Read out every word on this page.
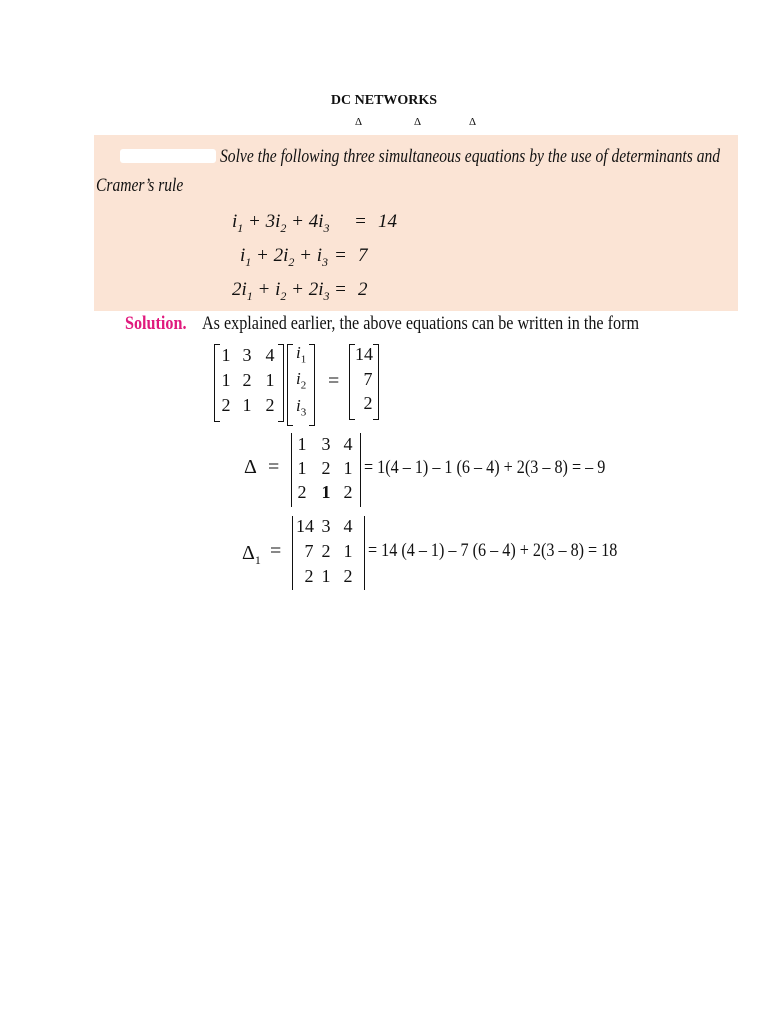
DC NETWORKS
Δ	Δ	Δ
Solve the following three simultaneous equations by the use of determinants and
Cramer’s rule
$i_1 + 3i_2 + 4i_3 = 14$
$i_1 + 2i_2 + i_3 = 7$
$2i_1 + i_2 + 2i_3 = 2$
Solution. As explained earlier, the above equations can be written in the form
1 3 4
1 2 1
2 1 2
$i_1$
$i_2$
$i_3$
=
14
7
2
Δ =
1 3 4
1 2 1
2 1 2
= 1(4 – 1) – 1 (6 – 4) + 2(3 – 8) = – 9
$\Delta_1$ =
14 3 4
7 2 1
2 1 2
= 14 (4 – 1) – 7 (6 – 4) + 2(3 – 8) = 18
